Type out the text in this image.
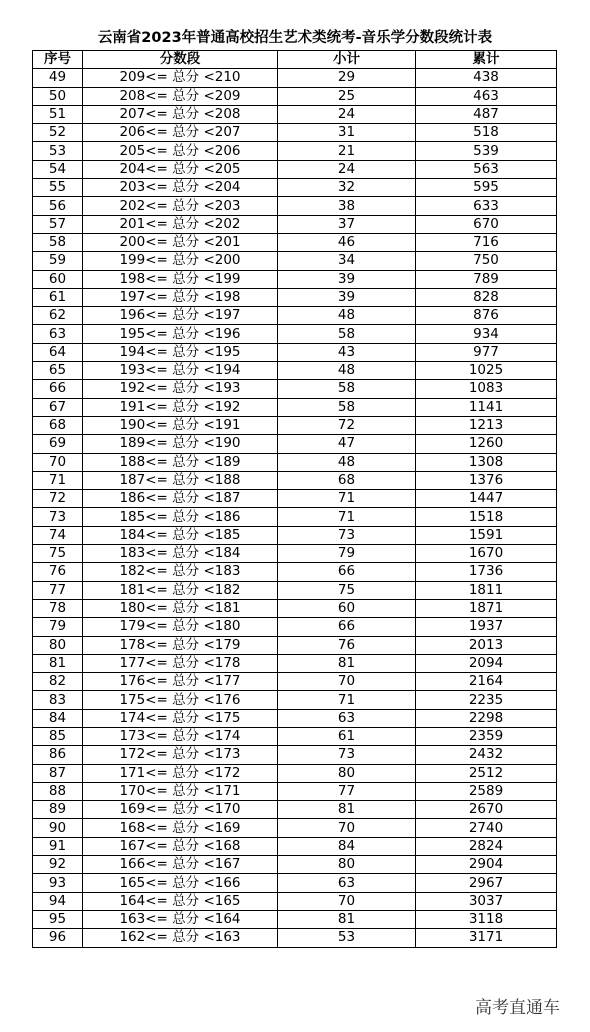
云南省2023年普通高校招生艺术类统考-音乐学分数段统计表
序号	分数段	小计	累计
49	209<= 总分 <210	29	438
50	208<= 总分 <209	25	463
51	207<= 总分 <208	24	487
52	206<= 总分 <207	31	518
53	205<= 总分 <206	21	539
54	204<= 总分 <205	24	563
55	203<= 总分 <204	32	595
56	202<= 总分 <203	38	633
57	201<= 总分 <202	37	670
58	200<= 总分 <201	46	716
59	199<= 总分 <200	34	750
60	198<= 总分 <199	39	789
61	197<= 总分 <198	39	828
62	196<= 总分 <197	48	876
63	195<= 总分 <196	58	934
64	194<= 总分 <195	43	977
65	193<= 总分 <194	48	1025
66	192<= 总分 <193	58	1083
67	191<= 总分 <192	58	1141
68	190<= 总分 <191	72	1213
69	189<= 总分 <190	47	1260
70	188<= 总分 <189	48	1308
71	187<= 总分 <188	68	1376
72	186<= 总分 <187	71	1447
73	185<= 总分 <186	71	1518
74	184<= 总分 <185	73	1591
75	183<= 总分 <184	79	1670
76	182<= 总分 <183	66	1736
77	181<= 总分 <182	75	1811
78	180<= 总分 <181	60	1871
79	179<= 总分 <180	66	1937
80	178<= 总分 <179	76	2013
81	177<= 总分 <178	81	2094
82	176<= 总分 <177	70	2164
83	175<= 总分 <176	71	2235
84	174<= 总分 <175	63	2298
85	173<= 总分 <174	61	2359
86	172<= 总分 <173	73	2432
87	171<= 总分 <172	80	2512
88	170<= 总分 <171	77	2589
89	169<= 总分 <170	81	2670
90	168<= 总分 <169	70	2740
91	167<= 总分 <168	84	2824
92	166<= 总分 <167	80	2904
93	165<= 总分 <166	63	2967
94	164<= 总分 <165	70	3037
95	163<= 总分 <164	81	3118
96	162<= 总分 <163	53	3171
高考直通车
